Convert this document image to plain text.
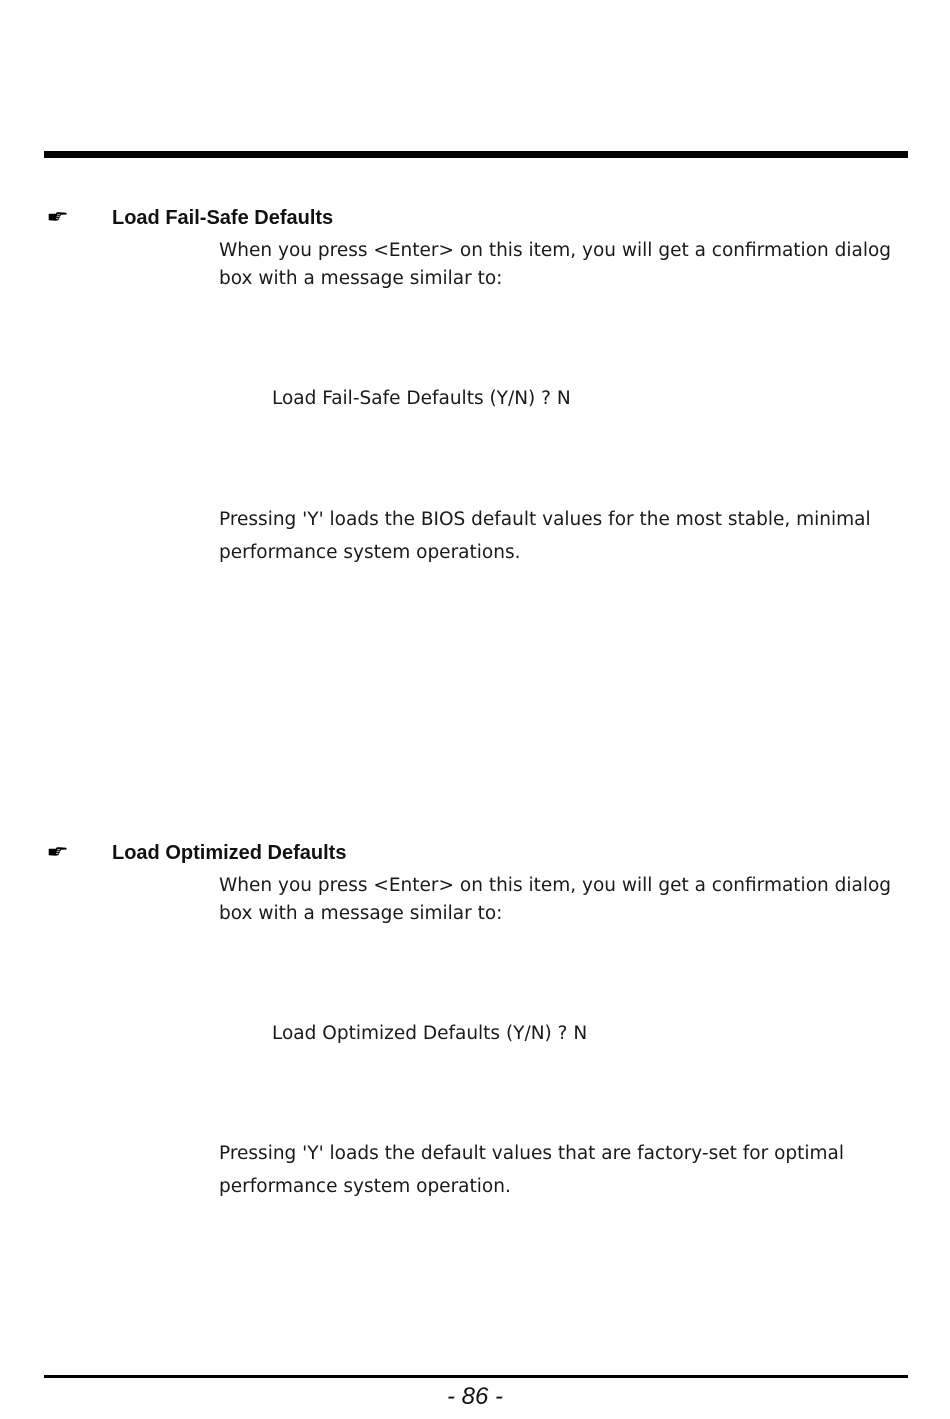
Load Fail-Safe Defaults
When you press <Enter> on this item, you will get a confirmation dialog box with a message similar to:
Load Fail-Safe Defaults (Y/N) ? N
Pressing 'Y' loads the BIOS default values for the most stable, minimal performance system operations.
Load Optimized Defaults
When you press <Enter> on this item, you will get a confirmation dialog box with a message similar to:
Load Optimized Defaults (Y/N) ? N
Pressing 'Y' loads the default values that are factory-set for optimal performance system operation.
- 86 -
